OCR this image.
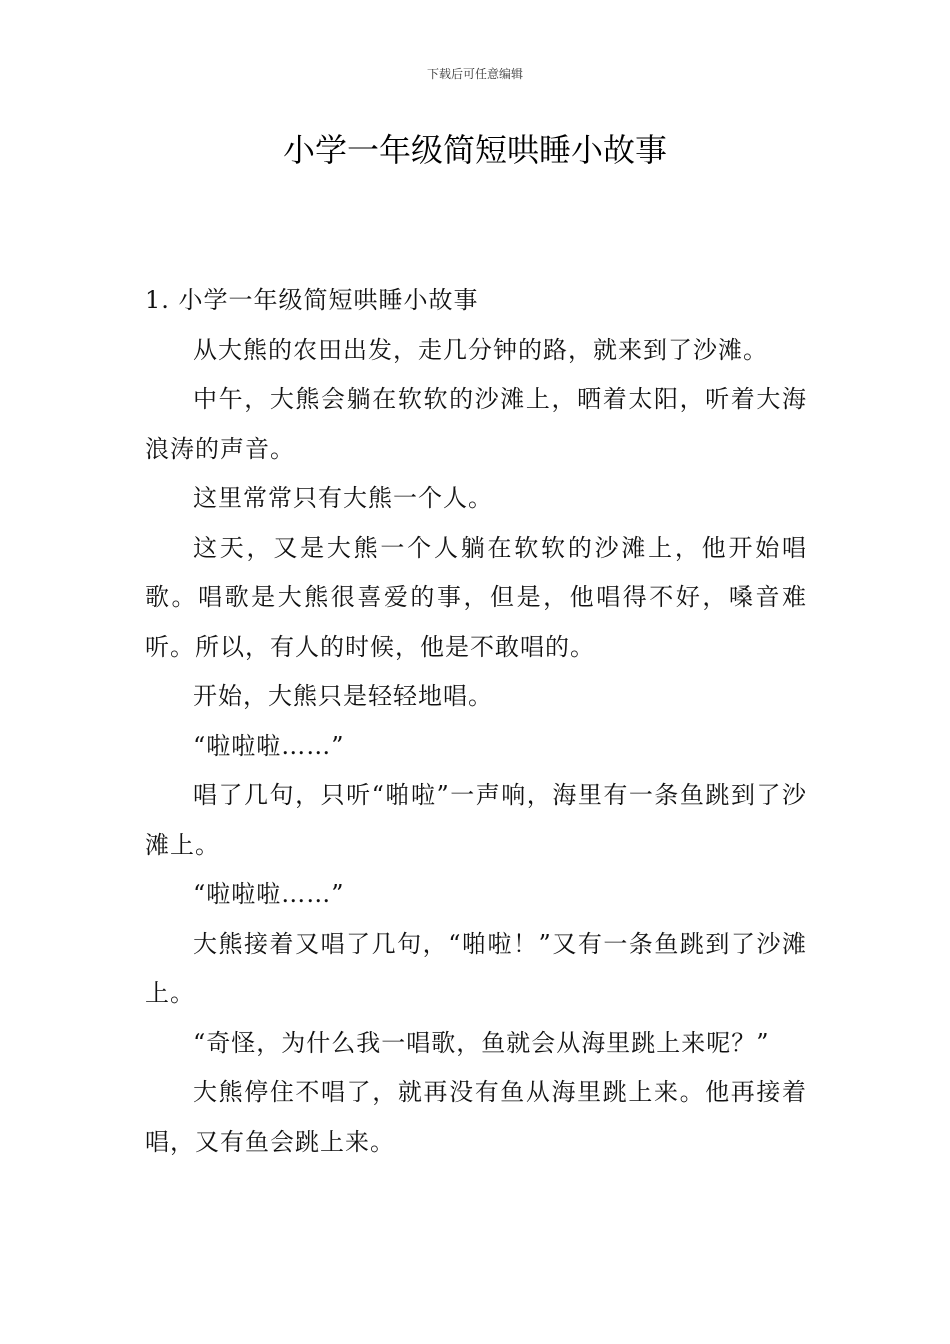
下载后可任意编辑
小学一年级简短哄睡小故事

1. 小学一年级简短哄睡小故事

从大熊的农田出发，走几分钟的路，就来到了沙滩。

中午，大熊会躺在软软的沙滩上，晒着太阳，听着大海浪涛的声音。

这里常常只有大熊一个人。

这天，又是大熊一个人躺在软软的沙滩上，他开始唱歌。唱歌是大熊很喜爱的事，但是，他唱得不好，嗓音难听。所以，有人的时候，他是不敢唱的。

开始，大熊只是轻轻地唱。

“啦啦啦……”

唱了几句，只听“啪啦”一声响，海里有一条鱼跳到了沙滩上。

“啦啦啦……”

大熊接着又唱了几句，“啪啦！”又有一条鱼跳到了沙滩上。

“奇怪，为什么我一唱歌，鱼就会从海里跳上来呢？”

大熊停住不唱了，就再没有鱼从海里跳上来。他再接着唱，又有鱼会跳上来。
